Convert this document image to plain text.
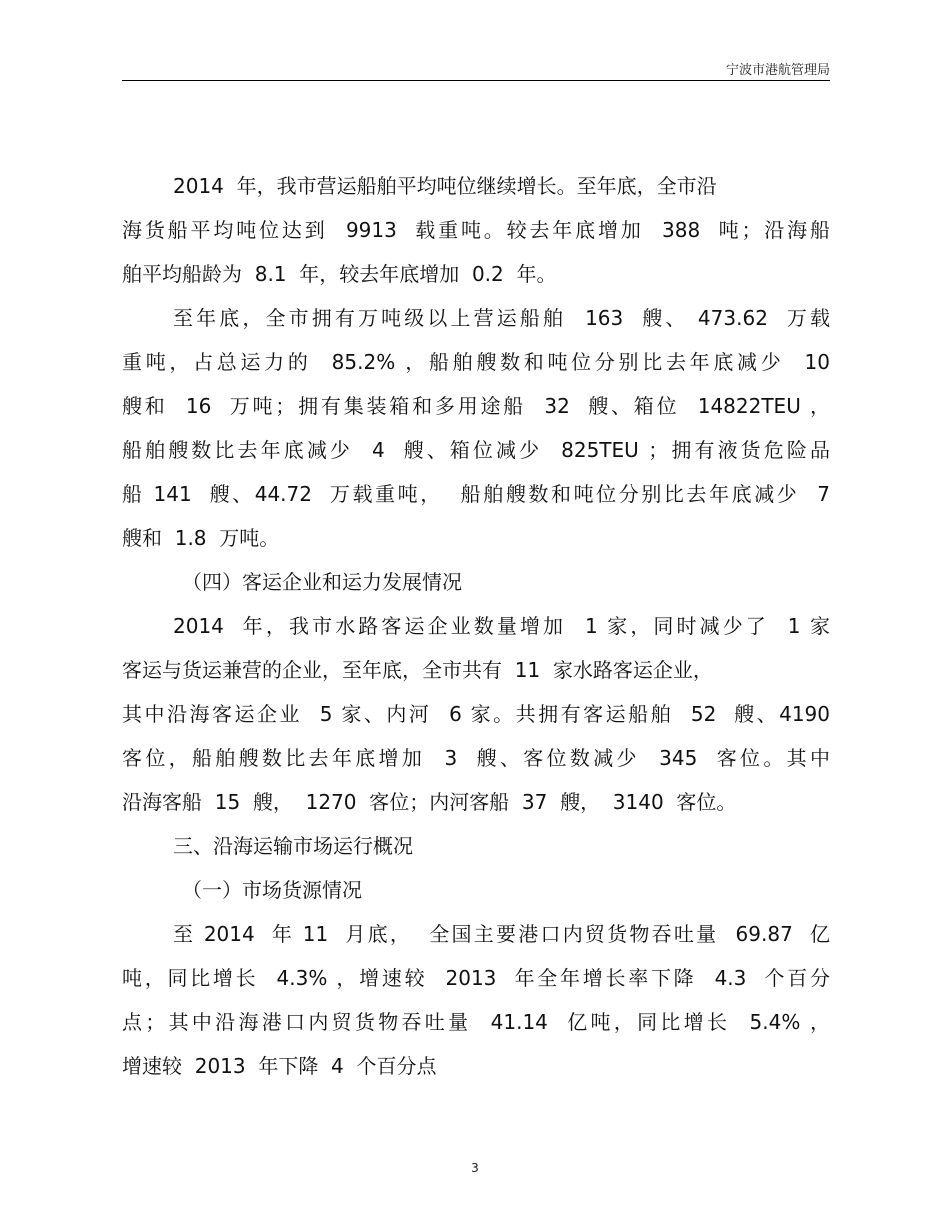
宁波市港航管理局
2014  年，我市营运船舶平均吨位继续增长。至年底，全市沿
海货船平均吨位达到  9913  载重吨。较去年底增加  388  吨；沿海船
舶平均船龄为  8.1  年，较去年底增加  0.2  年。
至年底，全市拥有万吨级以上营运船舶  163  艘、 473.62  万载
重吨，占总运力的  85.2% ，船舶艘数和吨位分别比去年底减少  10
艘和  16  万吨；拥有集装箱和多用途船  32  艘、箱位  14822TEU ，
船舶艘数比去年底减少  4  艘、箱位减少  825TEU ；拥有液货危险品
船 141  艘、44.72  万载重吨，  船舶艘数和吨位分别比去年底减少  7
艘和  1.8  万吨。
（四）客运企业和运力发展情况
2014  年，我市水路客运企业数量增加  1 家，同时减少了  1 家
客运与货运兼营的企业，至年底，全市共有  11  家水路客运企业，
其中沿海客运企业  5 家、内河  6 家。共拥有客运船舶  52  艘、4190
客位，船舶艘数比去年底增加  3  艘、客位数减少  345  客位。其中
沿海客船  15  艘，  1270  客位；内河客船  37  艘，  3140  客位。
三、沿海运输市场运行概况
（一）市场货源情况
至 2014  年 11  月底，  全国主要港口内贸货物吞吐量  69.87  亿
吨，同比增长  4.3% ，增速较  2013  年全年增长率下降  4.3  个百分
点；其中沿海港口内贸货物吞吐量  41.14  亿吨，同比增长  5.4% ，
增速较  2013  年下降  4  个百分点
3
